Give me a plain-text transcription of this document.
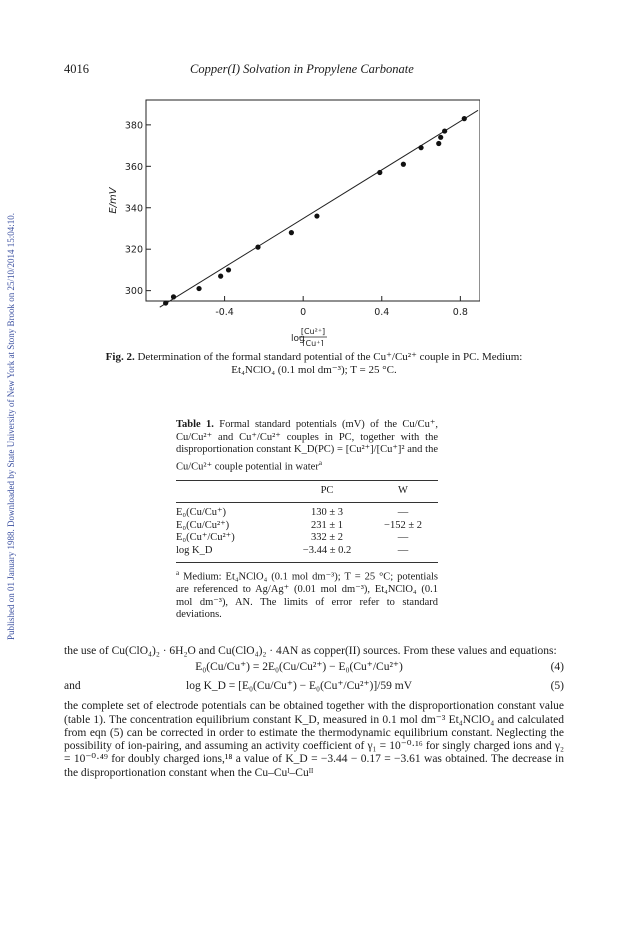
Published on 01 January 1988. Downloaded by State University of New York at Stony Brook on 25/10/2014 15:04:10.
4016	Copper(I) Solvation in Propylene Carbonate
300
320
340
360
380
-0.4	0	0.4	0.8
E/mV
log
[Cu²⁺]
[Cu⁺]
Fig. 2. Determination of the formal standard potential of the Cu⁺/Cu²⁺ couple in PC. Medium:
Et₄NClO₄ (0.1 mol dm⁻³); T = 25 °C.

Table 1. Formal standard potentials (mV) of the Cu/Cu⁺, Cu/Cu²⁺ and Cu⁺/Cu²⁺ couples in PC, together with the disproportionation constant K_D(PC) = [Cu²⁺]/[Cu⁺]² and the Cu/Cu²⁺ couple potential in water$^a$

	PC	W
E₀(Cu/Cu⁺)	130 ± 3	—
E₀(Cu/Cu²⁺)	231 ± 1	−152 ± 2
E₀(Cu⁺/Cu²⁺)	332 ± 2	—
log K_D	−3.44 ± 0.2	—

$^a$ Medium: Et₄NClO₄ (0.1 mol dm⁻³); T = 25 °C; potentials are referenced to Ag/Ag⁺ (0.01 mol dm⁻³), Et₄NClO₄ (0.1 mol dm⁻³), AN. The limits of error refer to standard deviations.

the use of Cu(ClO₄)₂ · 6H₂O and Cu(ClO₄)₂ · 4AN as copper(II) sources. From these values and equations:

E₀(Cu/Cu⁺) = 2E₀(Cu/Cu²⁺) − E₀(Cu⁺/Cu²⁺)	(4)
and	log K_D = [E₀(Cu/Cu⁺) − E₀(Cu⁺/Cu²⁺)]/59 mV	(5)

the complete set of electrode potentials can be obtained together with the disproportionation constant value (table 1). The concentration equilibrium constant K_D, measured in 0.1 mol dm⁻³ Et₄NClO₄ and calculated from eqn (5) can be corrected in order to estimate the thermodynamic equilibrium constant. Neglecting the possibility of ion-pairing, and assuming an activity coefficient of γ₁ = 10⁻⁰·¹⁶ for singly charged ions and γ₂ = 10⁻⁰·⁴⁹ for doubly charged ions,¹⁸ a value of K_D = −3.44 − 0.17 = −3.61 was obtained. The decrease in the disproportionation constant when the Cu–Cuᴵ–Cuᴵᴵ
